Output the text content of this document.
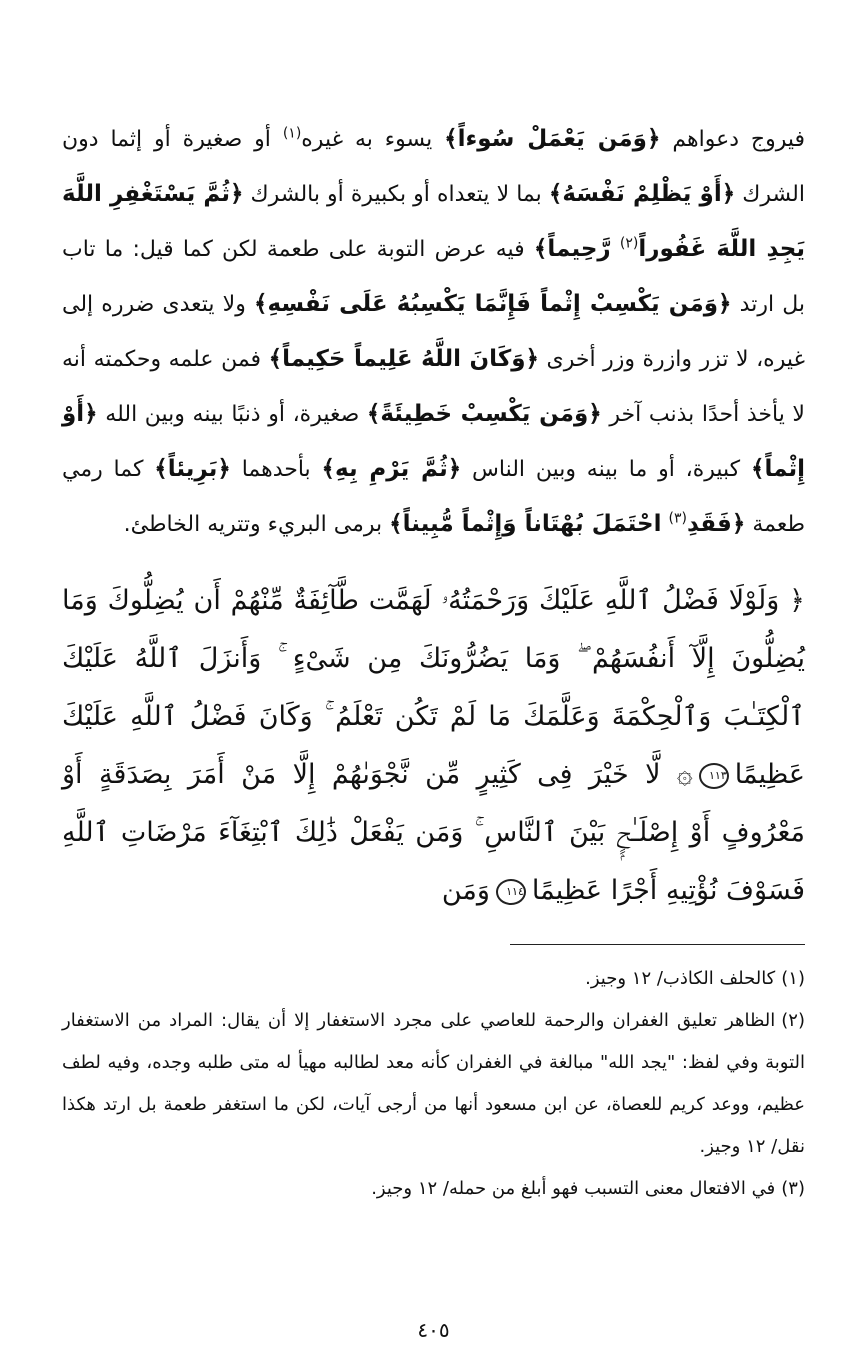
فيروج دعواهم ﴿وَمَن يَعْمَلْ سُوءاً﴾ يسوء به غيره$^{(١)}$ أو صغيرة أو إثما دون الشرك ﴿أَوْ يَظْلِمْ نَفْسَهُ﴾ بما لا يتعداه أو بكبيرة أو بالشرك ﴿ثُمَّ يَسْتَغْفِرِ اللَّهَ يَجِدِ اللَّهَ غَفُوراً$^{(٢)}$ رَّحِيماً﴾ فيه عرض التوبة على طعمة لكن كما قيل: ما تاب بل ارتد ﴿وَمَن يَكْسِبْ إِثْماً فَإِنَّمَا يَكْسِبُهُ عَلَى نَفْسِهِ﴾ ولا يتعدى ضرره إلى غيره، لا تزر وازرة وزر أخرى ﴿وَكَانَ اللَّهُ عَلِيماً حَكِيماً﴾ فمن علمه وحكمته أنه لا يأخذ أحدًا بذنب آخر ﴿وَمَن يَكْسِبْ خَطِيئَةً﴾ صغيرة، أو ذنبًا بينه وبين الله ﴿أَوْ إِثْماً﴾ كبيرة، أو ما بينه وبين الناس ﴿ثُمَّ يَرْمِ بِهِ﴾ بأحدهما ﴿بَرِيئاً﴾ كما رمي طعمة ﴿فَقَدِ$^{(٣)}$ احْتَمَلَ بُهْتَاناً وَإِثْماً مُّبِيناً﴾ برمى البريء وتتريه الخاطئ.

﴿ وَلَوْلَا فَضْلُ ٱللَّهِ عَلَيْكَ وَرَحْمَتُهُۥ لَهَمَّت طَّآئِفَةٌ مِّنْهُمْ أَن يُضِلُّوكَ وَمَا يُضِلُّونَ إِلَّآ أَنفُسَهُمْ ۖ وَمَا يَضُرُّونَكَ مِن شَىْءٍ ۚ وَأَنزَلَ ٱللَّهُ عَلَيْكَ ٱلْكِتَـٰبَ وَٱلْحِكْمَةَ وَعَلَّمَكَ مَا لَمْ تَكُن تَعْلَمُ ۚ وَكَانَ فَضْلُ ٱللَّهِ عَلَيْكَ عَظِيمًا١١٣۞ لَّا خَيْرَ فِى كَثِيرٍ مِّن نَّجْوَىٰهُمْ إِلَّا مَنْ أَمَرَ بِصَدَقَةٍ أَوْ مَعْرُوفٍ أَوْ إِصْلَـٰحٍۭ بَيْنَ ٱلنَّاسِ ۚ وَمَن يَفْعَلْ ذَٰلِكَ ٱبْتِغَآءَ مَرْضَاتِ ٱللَّهِ فَسَوْفَ نُؤْتِيهِ أَجْرًا عَظِيمًا١١٤وَمَن

(١)كالحلف الكاذب/ ١٢ وجيز.
(٢)الظاهر تعليق الغفران والرحمة للعاصي على مجرد الاستغفار إلا أن يقال: المراد من الاستغفار التوبة وفي لفظ: "يجد الله" مبالغة في الغفران كأنه معد لطالبه مهيأ له متى طلبه وجده، وفيه لطف عظيم، ووعد كريم للعصاة، عن ابن مسعود أنها من أرجى آيات، لكن ما استغفر طعمة بل ارتد هكذا نقل/ ١٢ وجيز.
(٣)في الافتعال معنى التسبب فهو أبلغ من حمله/ ١٢ وجيز.
٤٠٥
